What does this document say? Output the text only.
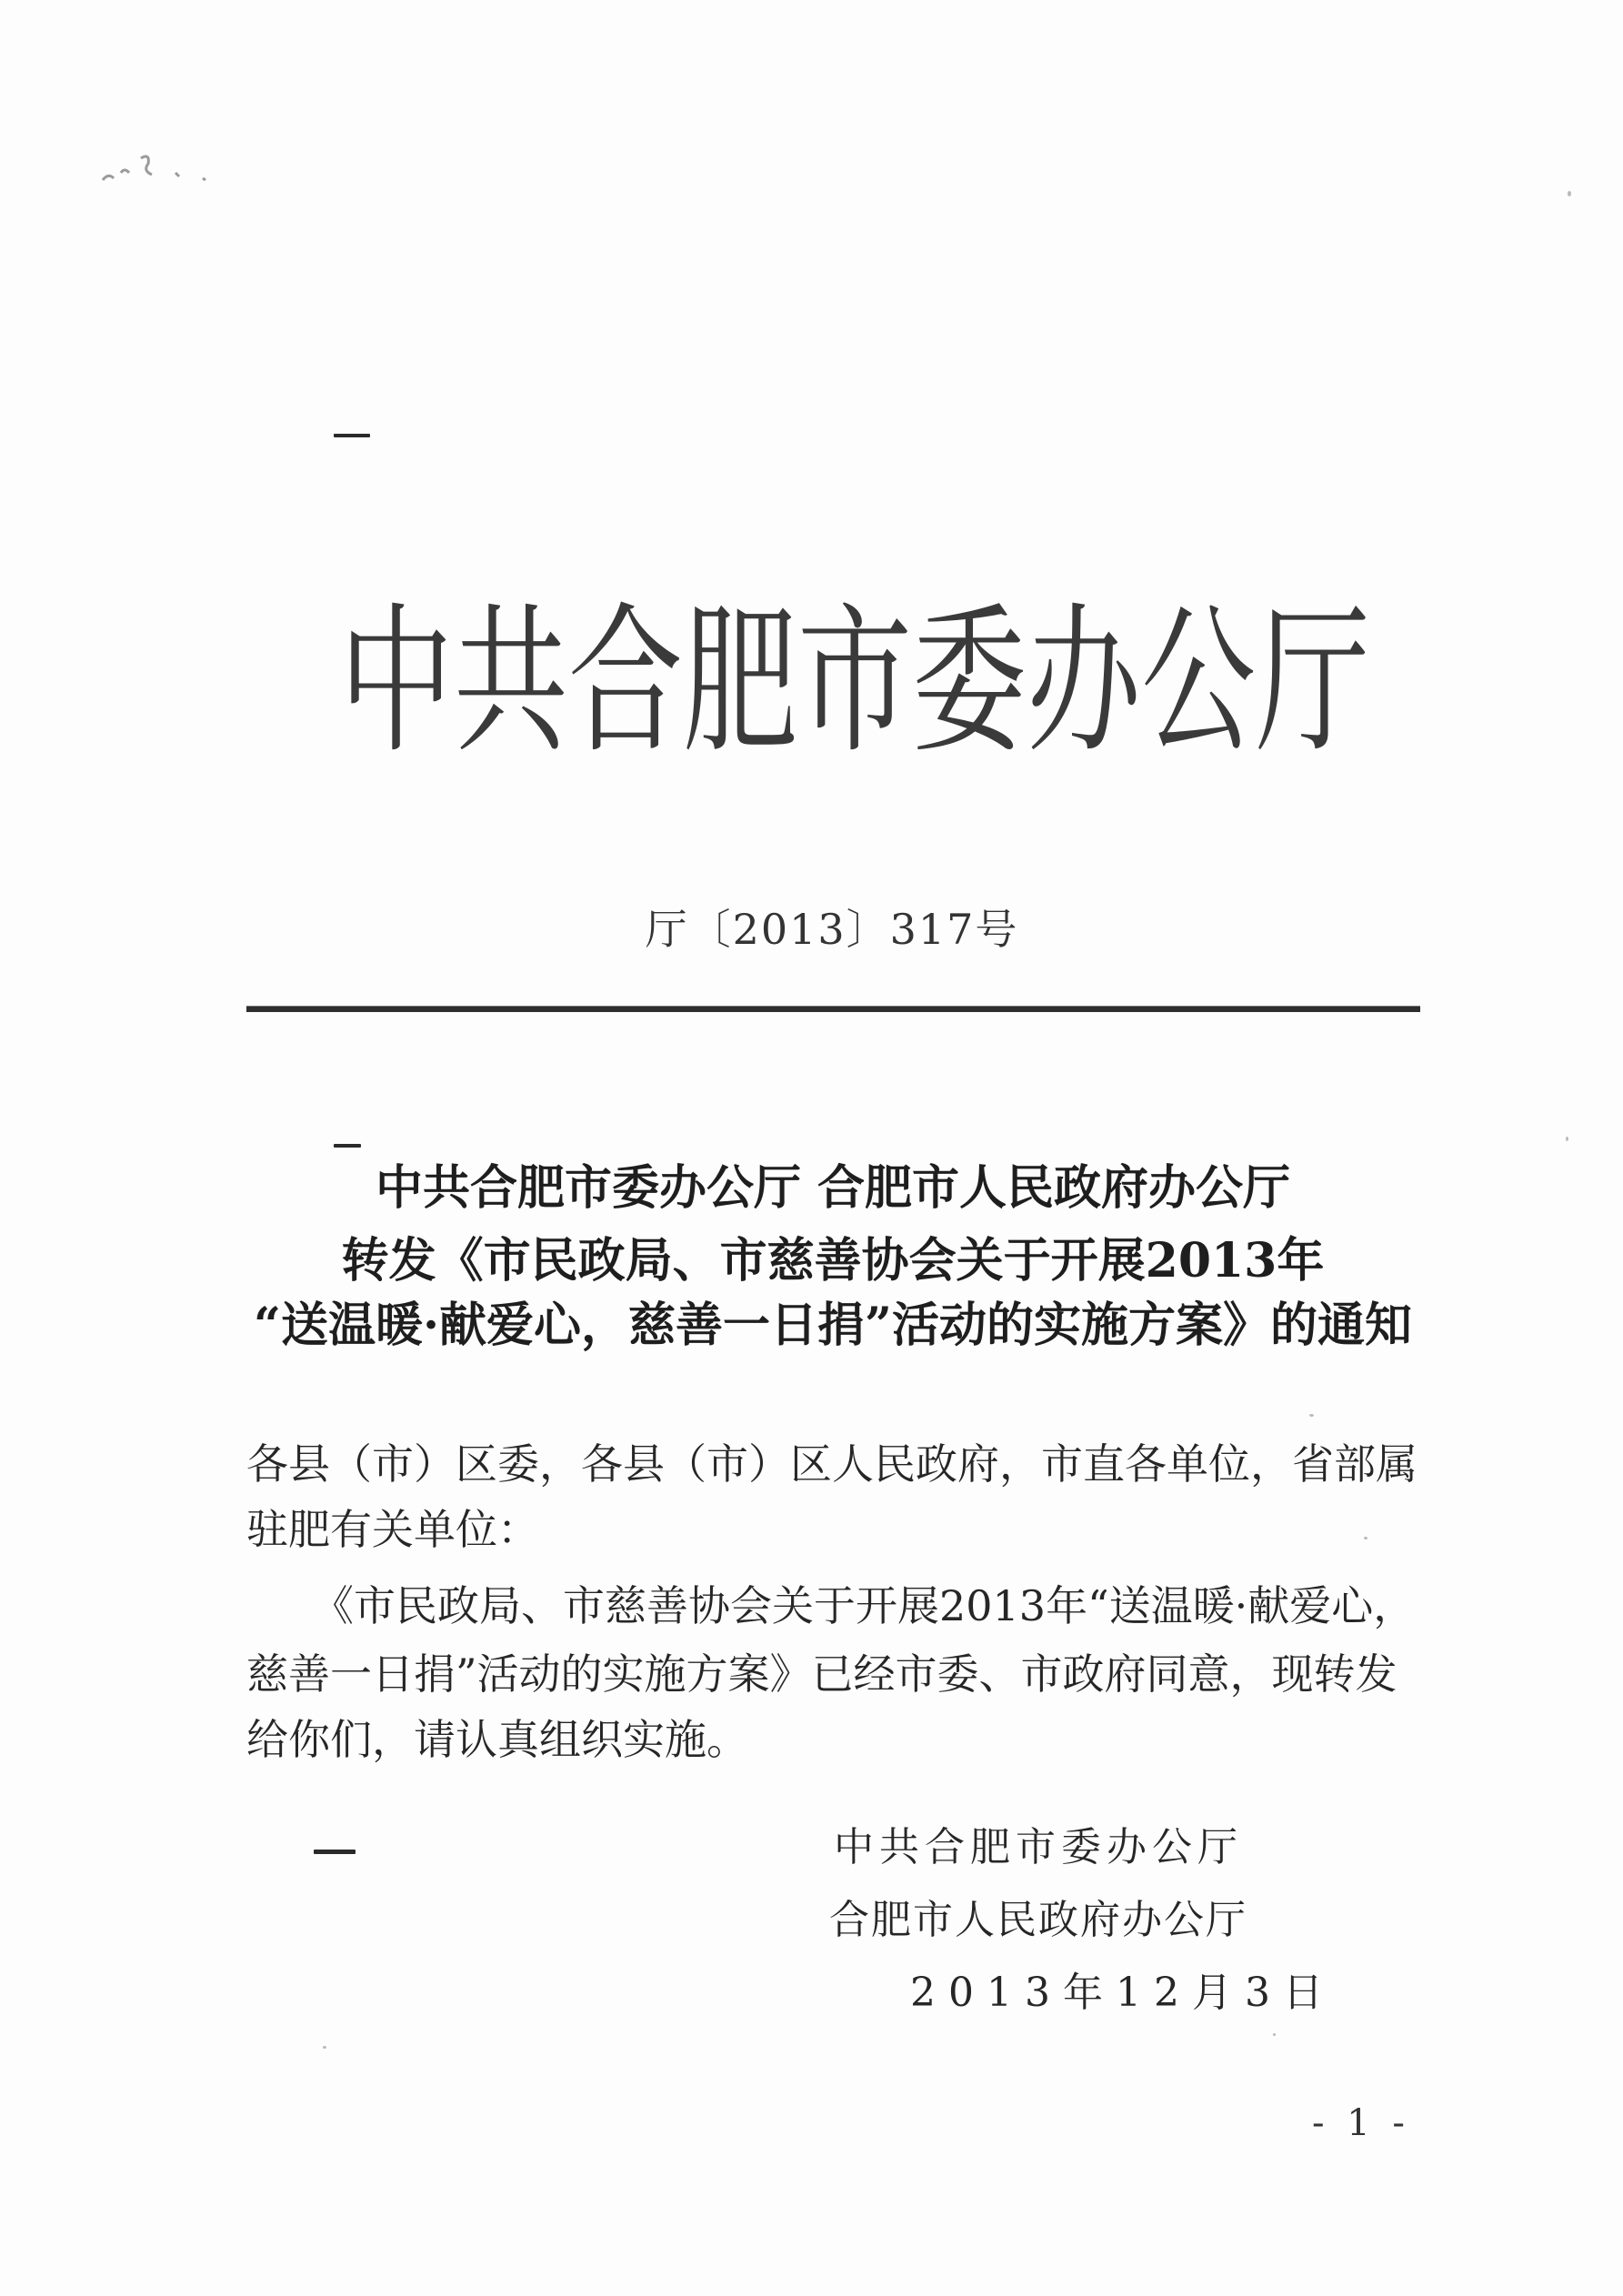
中共合肥市委办公厅
厅〔2013〕317号
中共合肥市委办公厅 合肥市人民政府办公厅
转发《市民政局、市慈善协会关于开展2013年
“送温暖·献爱心，慈善一日捐”活动的实施方案》的通知
各县（市）区委，各县（市）区人民政府，市直各单位，省部属
驻肥有关单位：
《市民政局、市慈善协会关于开展2013年“送温暖·献爱心，
慈善一日捐”活动的实施方案》已经市委、市政府同意，现转发
给你们，请认真组织实施。
中共合肥市委办公厅
合肥市人民政府办公厅
2013年12月3日
- 1 -
